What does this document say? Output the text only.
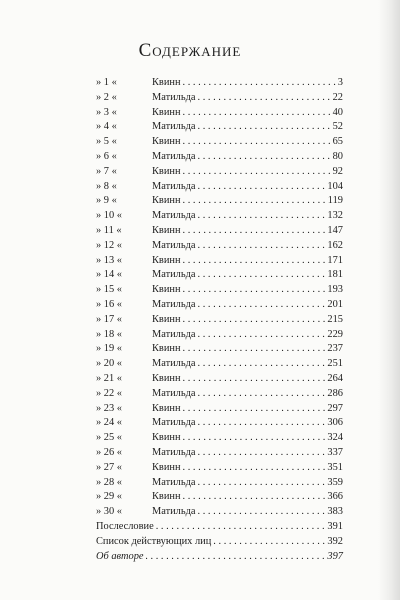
Содержание
» 1 «	Квинн . . .	3
» 2 «	Матильда . . .	22
» 3 «	Квинн . . .	40
» 4 «	Матильда . . .	52
» 5 «	Квинн . . .	65
» 6 «	Матильда . . .	80
» 7 «	Квинн . . .	92
» 8 «	Матильда . . .	104
» 9 «	Квинн . . .	119
» 10 «	Матильда . . .	132
» 11 «	Квинн . . .	147
» 12 «	Матильда . . .	162
» 13 «	Квинн . . .	171
» 14 «	Матильда . . .	181
» 15 «	Квинн . . .	193
» 16 «	Матильда . . .	201
» 17 «	Квинн . . .	215
» 18 «	Матильда . . .	229
» 19 «	Квинн . . .	237
» 20 «	Матильда . . .	251
» 21 «	Квинн . . .	264
» 22 «	Матильда . . .	286
» 23 «	Квинн . . .	297
» 24 «	Матильда . . .	306
» 25 «	Квинн . . .	324
» 26 «	Матильда . . .	337
» 27 «	Квинн . . .	351
» 28 «	Матильда . . .	359
» 29 «	Квинн . . .	366
» 30 «	Матильда . . .	383
Послесловие . . .	391
Список действующих лиц . . .	392
Об авторе . . .	397
